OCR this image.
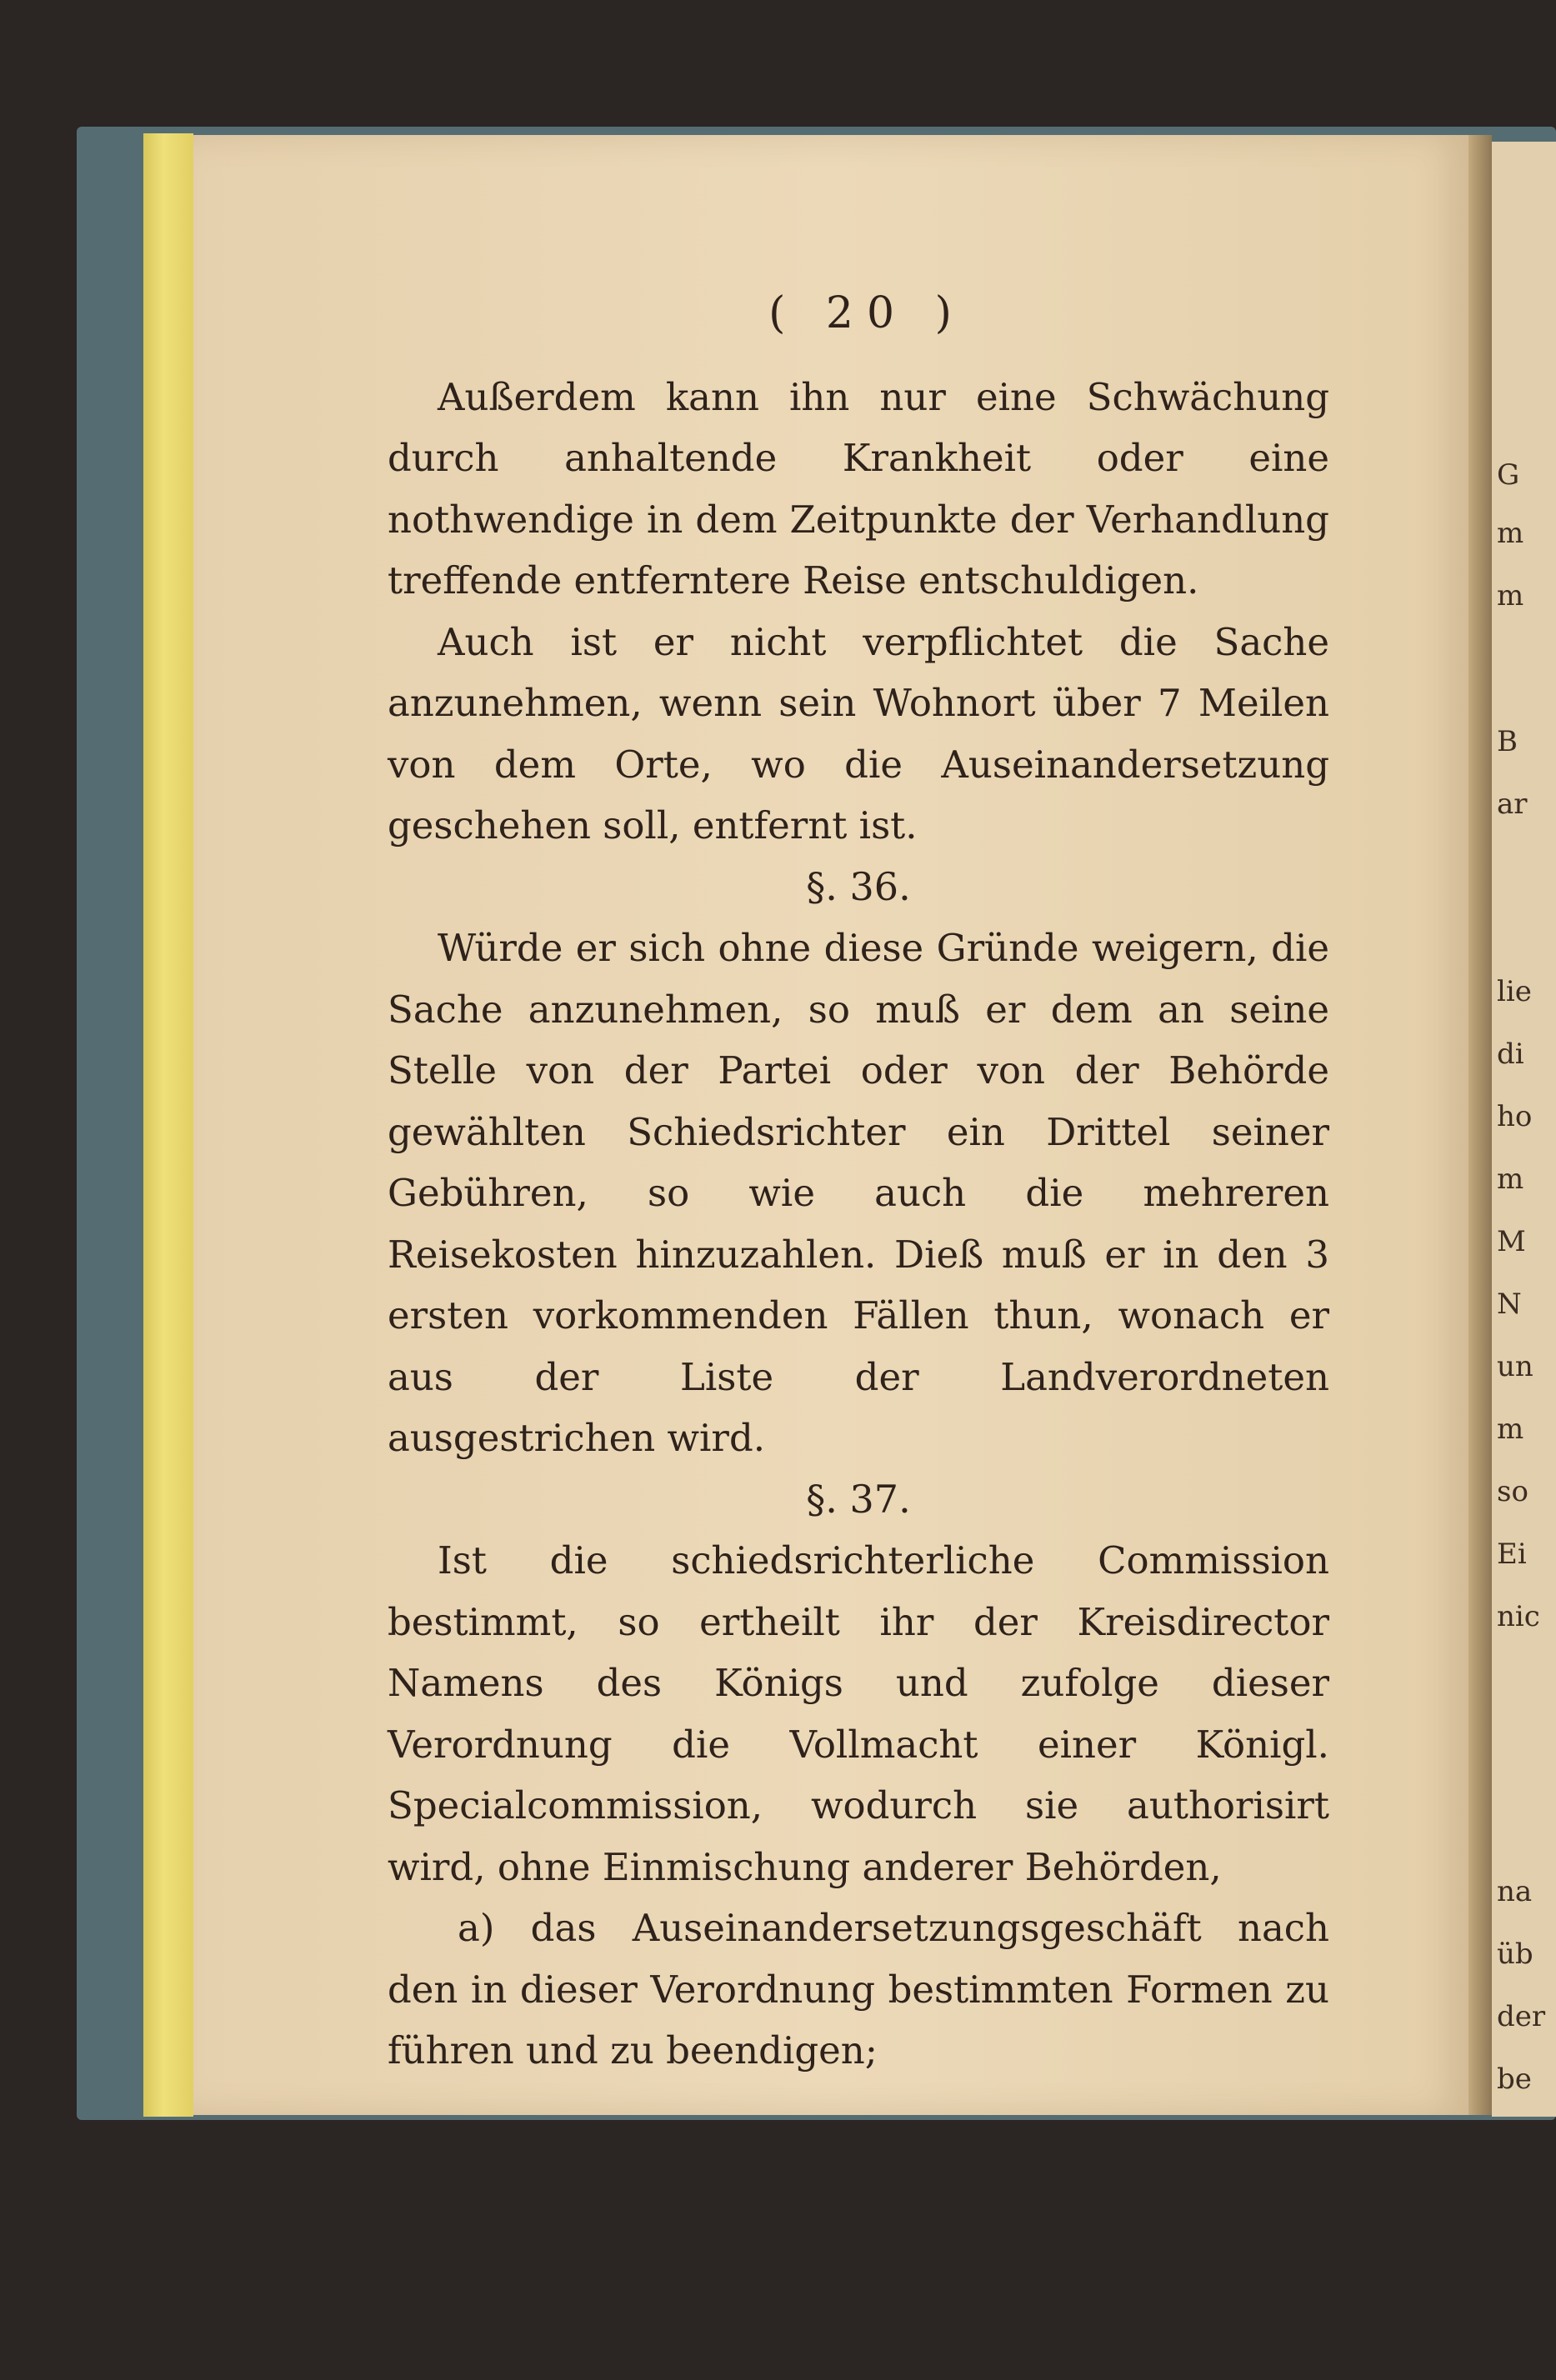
G
m
m
B
ar
lie
di
ho
m
M
N
un
m
so
Ei
nic
na
üb
der
be
( 20 )

Außerdem kann ihn nur eine Schwächung durch anhaltende Krankheit oder eine nothwendige in dem Zeitpunkte der Verhandlung treffende entferntere Reise entschuldigen.

Auch ist er nicht verpflichtet die Sache anzunehmen, wenn sein Wohnort über 7 Meilen von dem Orte, wo die Auseinandersetzung geschehen soll, entfernt ist.

§. 36.

Würde er sich ohne diese Gründe weigern, die Sache anzunehmen, so muß er dem an seine Stelle von der Partei oder von der Behörde gewählten Schiedsrichter ein Drittel seiner Gebühren, so wie auch die mehreren Reisekosten hinzuzahlen. Dieß muß er in den 3 ersten vorkommenden Fällen thun, wonach er aus der Liste der Landverordneten ausgestrichen wird.

§. 37.

Ist die schiedsrichterliche Commission bestimmt, so ertheilt ihr der Kreisdirector Namens des Königs und zufolge dieser Verordnung die Vollmacht einer Königl. Specialcommission, wodurch sie authorisirt wird, ohne Einmischung anderer Behörden,

a) das Auseinandersetzungsgeschäft nach den in dieser Verordnung bestimmten Formen zu führen und zu beendigen;
